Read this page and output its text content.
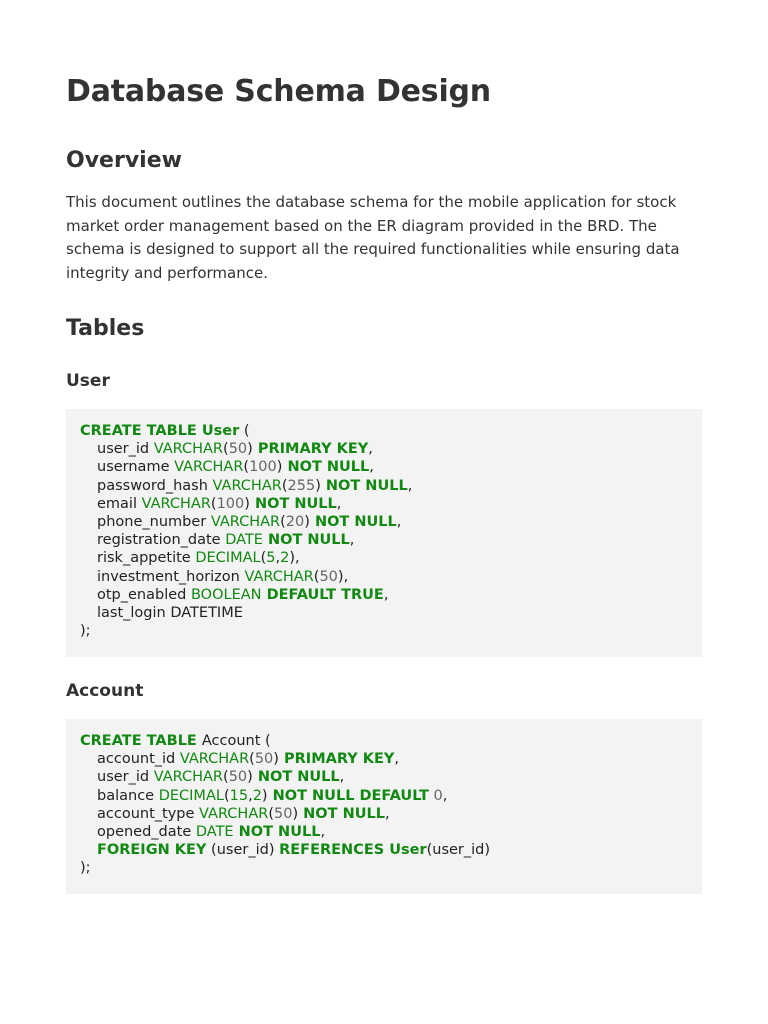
Database Schema Design
Overview

This document outlines the database schema for the mobile application for stock market order management based on the ER diagram provided in the BRD. The schema is designed to support all the required functionalities while ensuring data integrity and performance.

Tables
User
CREATE TABLE User (
user_id VARCHAR(50) PRIMARY KEY,
username VARCHAR(100) NOT NULL,
password_hash VARCHAR(255) NOT NULL,
email VARCHAR(100) NOT NULL,
phone_number VARCHAR(20) NOT NULL,
registration_date DATE NOT NULL,
risk_appetite DECIMAL(5,2),
investment_horizon VARCHAR(50),
otp_enabled BOOLEAN DEFAULT TRUE,
last_login DATETIME
);
Account
CREATE TABLE Account (
account_id VARCHAR(50) PRIMARY KEY,
user_id VARCHAR(50) NOT NULL,
balance DECIMAL(15,2) NOT NULL DEFAULT 0,
account_type VARCHAR(50) NOT NULL,
opened_date DATE NOT NULL,
FOREIGN KEY (user_id) REFERENCES User(user_id)
);
